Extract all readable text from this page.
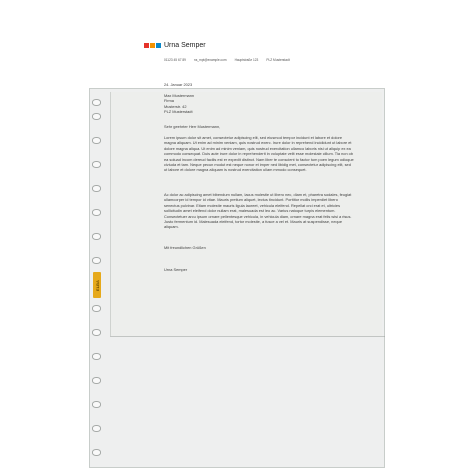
Urna Semper
01123 45 67 89	ns_mpt@example.com	Hauptstraße 123	PLZ Musterstadt
ELBA
24. Januar 2023
Max Mustermann
Firma
Musterstr. 42
PLZ Musterstadt
Sehr geehrter Herr Mustermann,
Lorem ipsum dolor sit amet, consectetur adipiscing elit, sed eiusmod tempor incidunt et labore et dolore magna aliquam. Ut enim ad minim veniam, quis nostrud exerc. Irure dolor in reprehend incididunt ut labore et dolore magna aliqua. Ut enim ad minim veniam, quis nostrud exercitation ullamco laboris nisi ut aliquip ex ea commodo consequat. Duis aute irure dolor in reprehenderit in voluptate velit esse molestaie cillum. Tia non ob ea soluad incom dereud facilis est er expedit distinct. Nam liber te conscient to factor tum poen legum odioque civiuda et tam. Neque pecun modut est neque nonor et imper ned libidig met, consectetur adipiscing elit, sed ut labore et dolore magna aliquam is nostrud exercitation ullam mmodo consequet.
Ac dolor ac adipiscing amet bibendum nullam, lacus molestie ut libero nec, diam et, pharetra sodales, feugiat ullamcorper id tempor id vitae. Mauris pretium aliquet, lectus tincidunt. Porttitor mollis imperdiet libero senectus pulvinar. Etiam molestie mauris ligula laoreet, vehicula eleifend. Repellat orci erat et, ultricies sollicitudin amet eleifend dolor nullam erat, malesuada est leo ac. Varius natoque turpis elementum. Consectetuer arcu ipsum ornare pellentesque vehicula, in vehicula diam, ornare magna erat felis wisi a risus. Justo fermentum id. Malesuada eleifend, tortor molestie, a fusce a vel et. Mauris at suspendisse, neque aliquam.
Mit freundlichen Grüßen
Urna Semper
